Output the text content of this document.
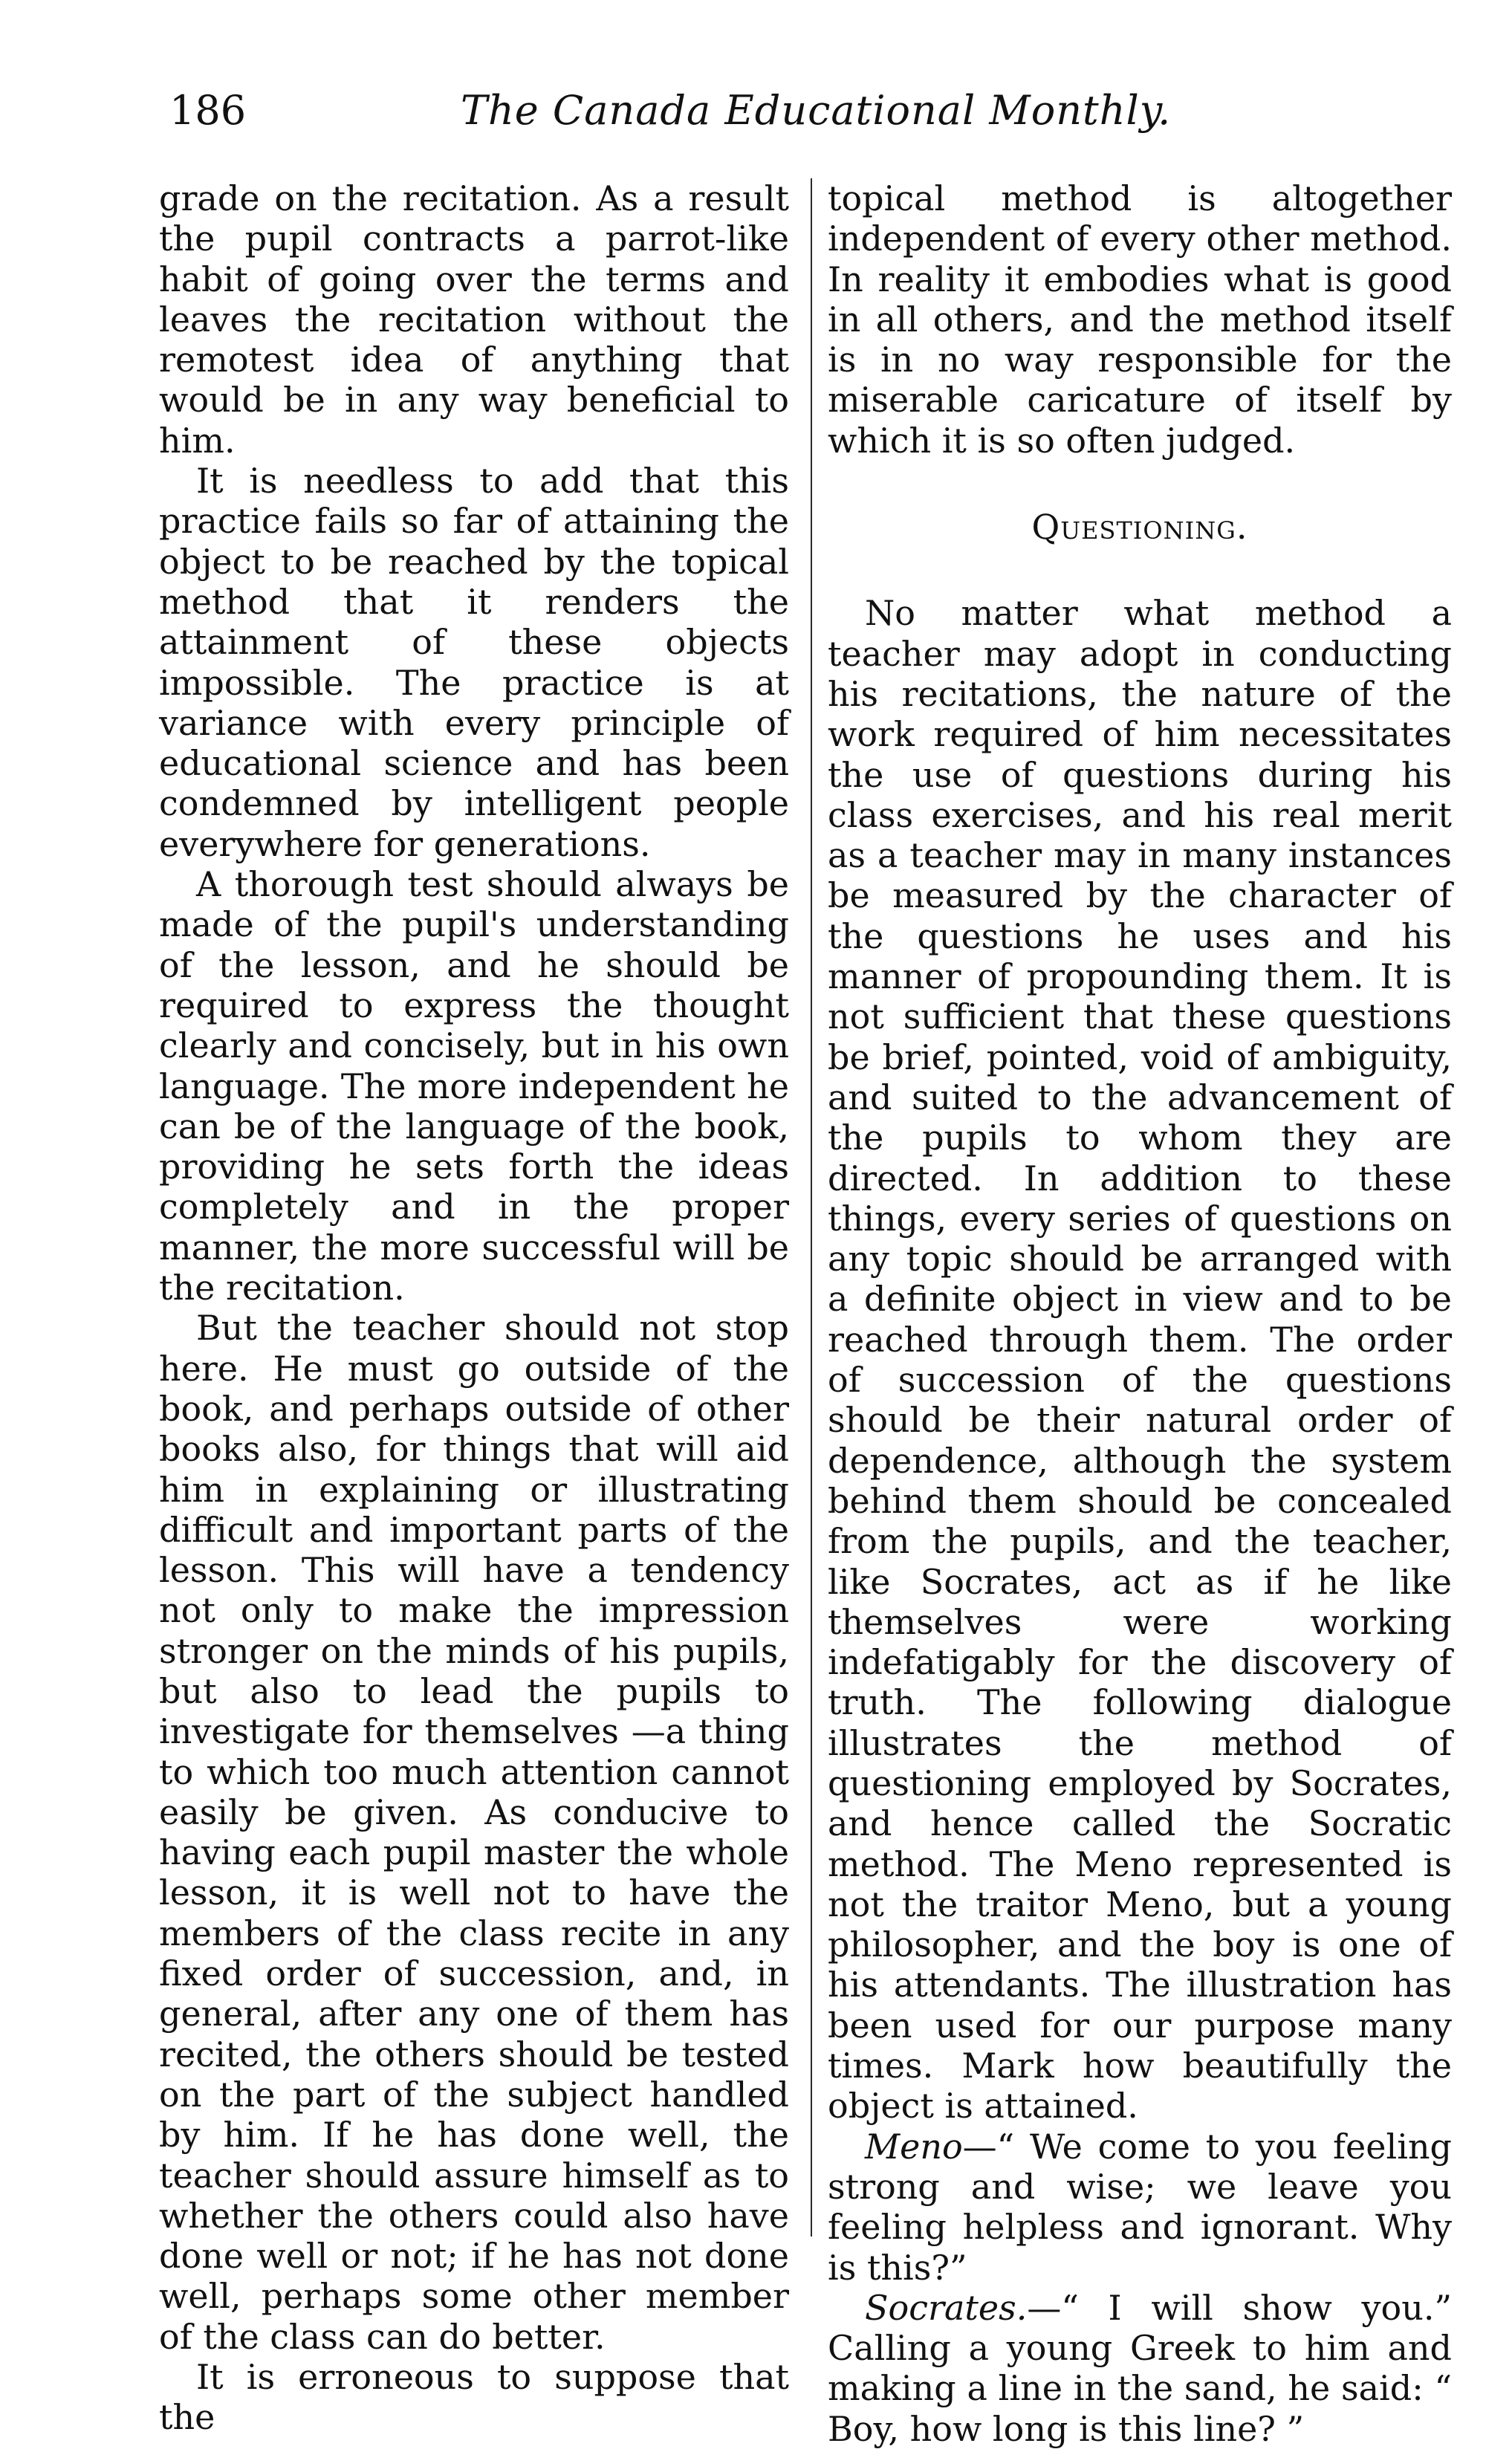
186	The Canada Educational Monthly.

grade on the recitation. As a result the pupil contracts a parrot-like habit of going over the terms and leaves the recitation without the remotest idea of anything that would be in any way beneficial to him.

It is needless to add that this practice fails so far of attaining the object to be reached by the topical method that it renders the attainment of these objects impossible. The practice is at variance with every principle of educational science and has been condemned by intelligent people everywhere for generations.

A thorough test should always be made of the pupil's understanding of the lesson, and he should be required to express the thought clearly and concisely, but in his own language. The more independent he can be of the language of the book, providing he sets forth the ideas completely and in the proper manner, the more successful will be the recitation.

But the teacher should not stop here. He must go outside of the book, and perhaps outside of other books also, for things that will aid him in explaining or illustrating difficult and important parts of the lesson. This will have a tendency not only to make the impression stronger on the minds of his pupils, but also to lead the pupils to investigate for themselves —a thing to which too much attention cannot easily be given. As conducive to having each pupil master the whole lesson, it is well not to have the members of the class recite in any fixed order of succession, and, in general, after any one of them has recited, the others should be tested on the part of the subject handled by him. If he has done well, the teacher should assure himself as to whether the others could also have done well or not; if he has not done well, perhaps some other member of the class can do better.

It is erroneous to suppose that the

topical method is altogether independent of every other method. In reality it embodies what is good in all others, and the method itself is in no way responsible for the miserable caricature of itself by which it is so often judged.

Questioning.

No matter what method a teacher may adopt in conducting his recitations, the nature of the work required of him necessitates the use of questions during his class exercises, and his real merit as a teacher may in many instances be measured by the character of the questions he uses and his manner of propounding them. It is not sufficient that these questions be brief, pointed, void of ambiguity, and suited to the advancement of the pupils to whom they are directed. In addition to these things, every series of questions on any topic should be arranged with a definite object in view and to be reached through them. The order of succession of the questions should be their natural order of dependence, although the system behind them should be concealed from the pupils, and the teacher, like Socrates, act as if he like themselves were working indefatigably for the discovery of truth. The following dialogue illustrates the method of questioning employed by Socrates, and hence called the Socratic method. The Meno represented is not the traitor Meno, but a young philosopher, and the boy is one of his attendants. The illustration has been used for our purpose many times. Mark how beautifully the object is attained.

Meno—“ We come to you feeling strong and wise; we leave you feeling helpless and ignorant. Why is this?”

Socrates.—“ I will show you.” Calling a young Greek to him and making a line in the sand, he said: “ Boy, how long is this line? ”
